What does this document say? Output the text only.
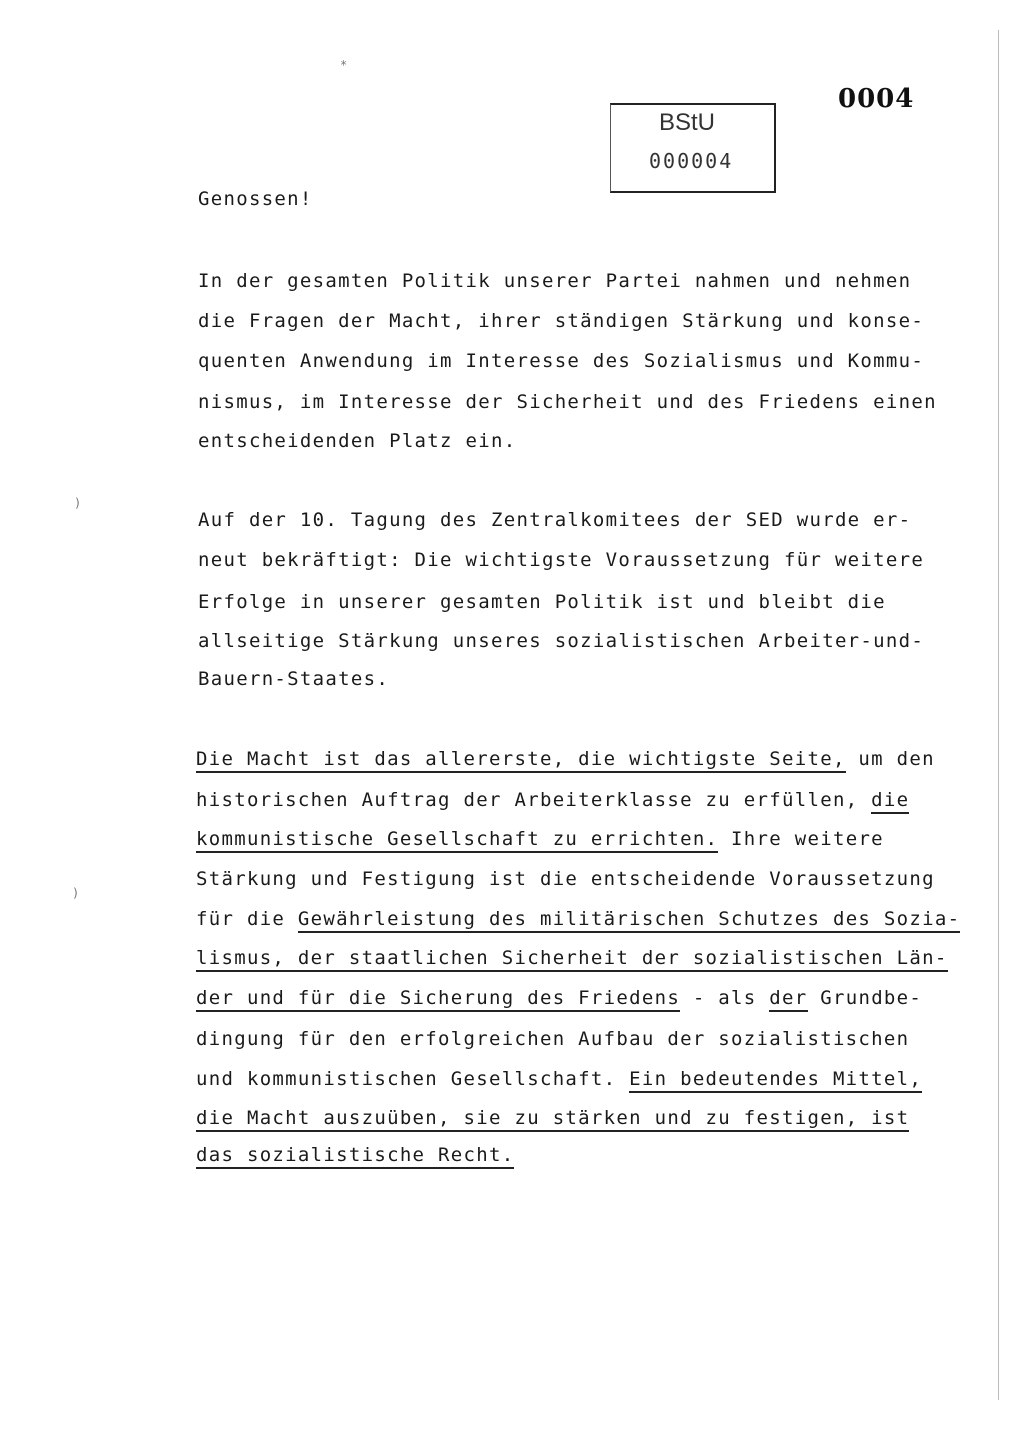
0004
BStU
000004
*
)
)
Genossen!
In der gesamten Politik unserer Partei nahmen und nehmen
die Fragen der Macht, ihrer ständigen Stärkung und konse-
quenten Anwendung im Interesse des Sozialismus und Kommu-
nismus, im Interesse der Sicherheit und des Friedens einen
entscheidenden Platz ein.
Auf der 10. Tagung des Zentralkomitees der SED wurde er-
neut bekräftigt: Die wichtigste Voraussetzung für weitere
Erfolge in unserer gesamten Politik ist und bleibt die
allseitige Stärkung unseres sozialistischen Arbeiter-und-
Bauern-Staates.
Die Macht ist das allererste, die wichtigste Seite, um den
historischen Auftrag der Arbeiterklasse zu erfüllen, die
kommunistische Gesellschaft zu errichten. Ihre weitere
Stärkung und Festigung ist die entscheidende Voraussetzung
für die Gewährleistung des militärischen Schutzes des Sozia-
lismus, der staatlichen Sicherheit der sozialistischen Län-
der und für die Sicherung des Friedens - als der Grundbe-
dingung für den erfolgreichen Aufbau der sozialistischen
und kommunistischen Gesellschaft. Ein bedeutendes Mittel,
die Macht auszuüben, sie zu stärken und zu festigen, ist
das sozialistische Recht.
